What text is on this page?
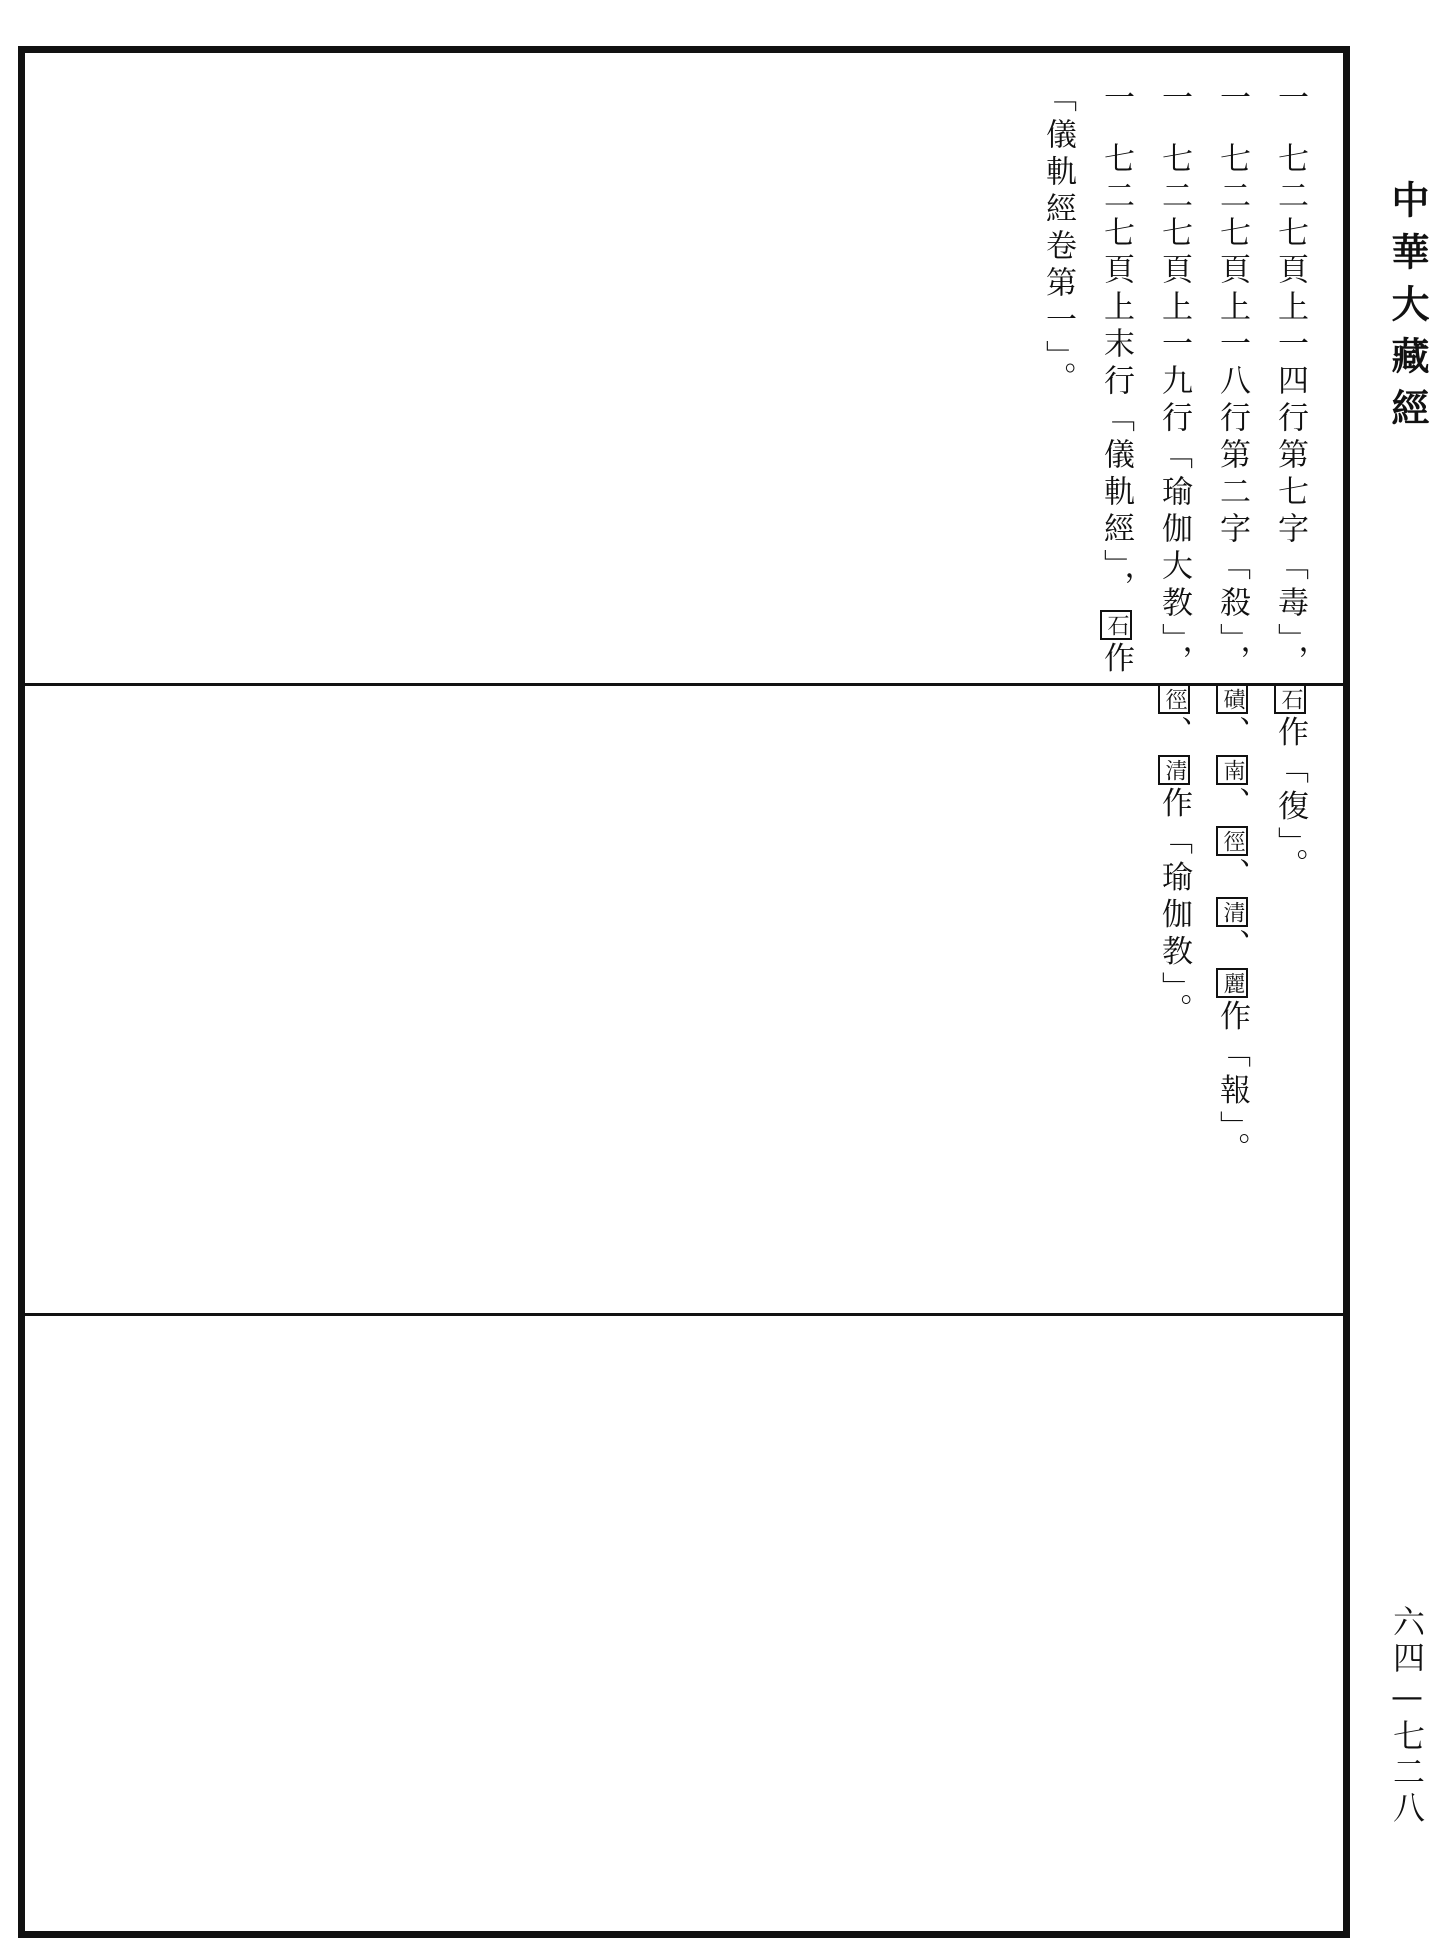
一七二七頁上一四行第七字「毒」，石作「復」。
一七二七頁上一八行第二字「殺」，磧、南、徑、清、麗作「報」。
一七二七頁上一九行「瑜伽大教」，徑、清作「瑜伽教」。
一七二七頁上末行「儀軌經」，石作
「儀軌經卷第一」。	中華大藏經
六四—七二八
